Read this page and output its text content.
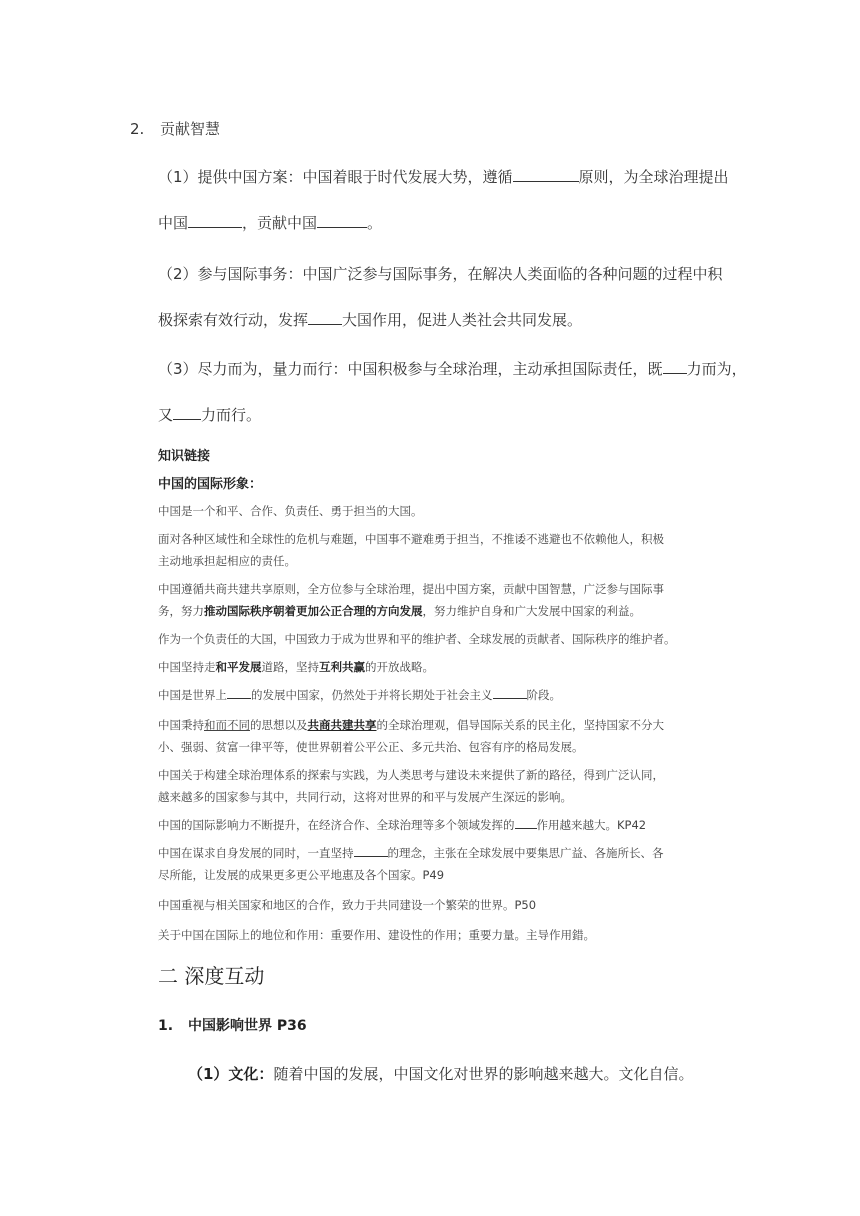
2. 贡献智慧
（1）提供中国方案：中国着眼于时代发展大势，遵循	原则，为全球治理提出
中国	，贡献中国	。
（2）参与国际事务：中国广泛参与国际事务，在解决人类面临的各种问题的过程中积
极探索有效行动，发挥 大国作用，促进人类社会共同发展。
（3）尽力而为，量力而行：中国积极参与全球治理，主动承担国际责任，既 力而为，
又 力而行。
知识链接
中国的国际形象：
中国是一个和平、合作、负责任、勇于担当的大国。
面对各种区域性和全球性的危机与难题，中国事不避难勇于担当，不推诿不逃避也不依赖他人，积极
主动地承担起相应的责任。
中国遵循共商共建共享原则，全方位参与全球治理，提出中国方案，贡献中国智慧，广泛参与国际事
务，努力推动国际秩序朝着更加公正合理的方向发展，努力维护自身和广大发展中国家的利益。
作为一个负责任的大国，中国致力于成为世界和平的维护者、全球发展的贡献者、国际秩序的维护者。
中国坚持走和平发展道路，坚持互利共赢的开放战略。
中国是世界上 的发展中国家，仍然处于并将长期处于社会主义	阶段。
中国秉持和而不同的思想以及共商共建共享的全球治理观，倡导国际关系的民主化，坚持国家不分大
小、强弱、贫富一律平等，使世界朝着公平公正、多元共治、包容有序的格局发展。
中国关于构建全球治理体系的探索与实践，为人类思考与建设未来提供了新的路径，得到广泛认同，
越来越多的国家参与其中，共同行动，这将对世界的和平与发展产生深远的影响。
中国的国际影响力不断提升，在经济合作、全球治理等多个领域发挥的 作用越来越大。KP42
中国在谋求自身发展的同时，一直坚持	的理念，主张在全球发展中要集思广益、各施所长、各
尽所能，让发展的成果更多更公平地惠及各个国家。P49
中国重视与相关国家和地区的合作，致力于共同建设一个繁荣的世界。P50
关于中国在国际上的地位和作用：重要作用、建设性的作用；重要力量。主导作用錯。
二 深度互动
1. 中国影响世界 P36
（1）文化：随着中国的发展，中国文化对世界的影响越来越大。文化自信。
